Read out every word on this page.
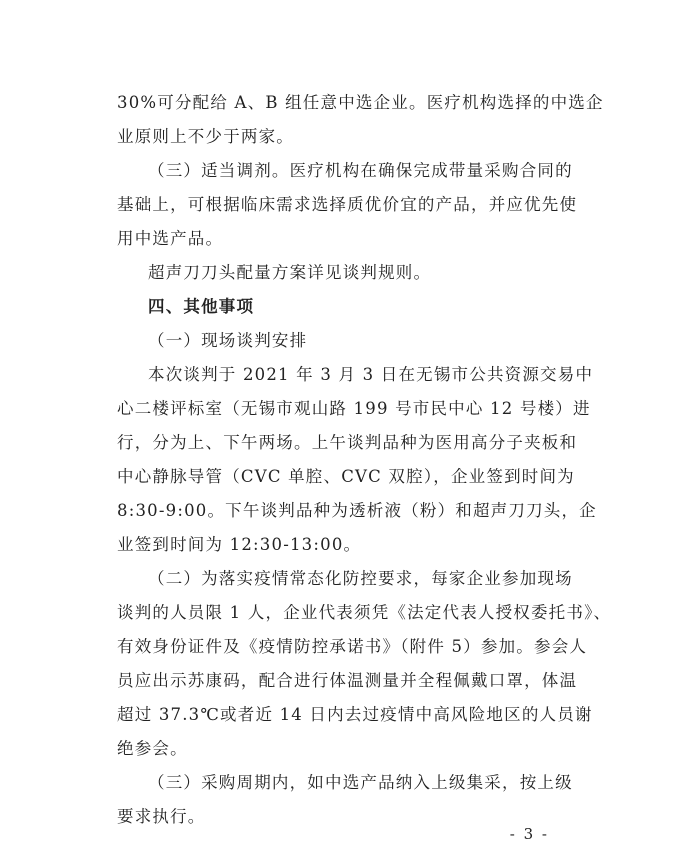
30%可分配给 A、B 组任意中选企业。医疗机构选择的中选企
业原则上不少于两家。
（三）适当调剂。医疗机构在确保完成带量采购合同的
基础上，可根据临床需求选择质优价宜的产品，并应优先使
用中选产品。
超声刀刀头配量方案详见谈判规则。
四、其他事项
（一）现场谈判安排
本次谈判于 2021 年 3 月 3 日在无锡市公共资源交易中
心二楼评标室（无锡市观山路 199 号市民中心 12 号楼）进
行，分为上、下午两场。上午谈判品种为医用高分子夹板和
中心静脉导管（CVC 单腔、CVC 双腔），企业签到时间为
8:30-9:00。下午谈判品种为透析液（粉）和超声刀刀头，企
业签到时间为 12:30-13:00。
（二）为落实疫情常态化防控要求，每家企业参加现场
谈判的人员限 1 人，企业代表须凭《法定代表人授权委托书》、
有效身份证件及《疫情防控承诺书》（附件 5）参加。参会人
员应出示苏康码，配合进行体温测量并全程佩戴口罩，体温
超过 37.3℃或者近 14 日内去过疫情中高风险地区的人员谢
绝参会。
（三）采购周期内，如中选产品纳入上级集采，按上级
要求执行。
- 3 -
